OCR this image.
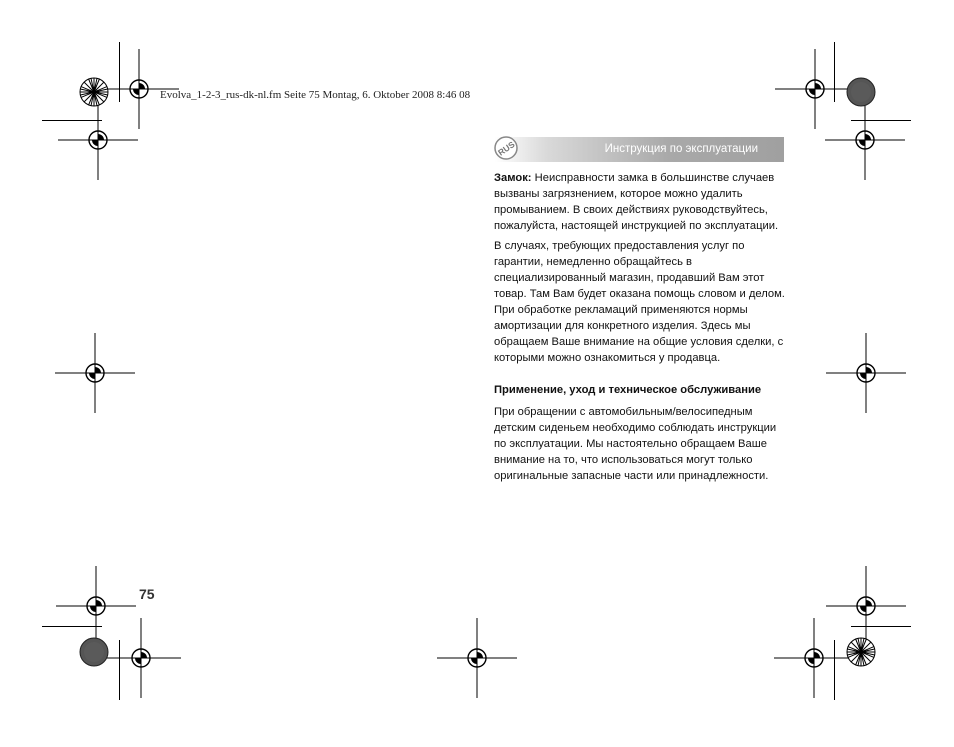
Evolva_1-2-3_rus-dk-nl.fm Seite 75 Montag, 6. Oktober 2008 8:46 08
RUS	Инструкция по эксплуатации

Замок: Неисправности замка в большинстве случаев вызваны загрязнением, которое можно удалить промыванием. В своих действиях руководствуйтесь, пожалуйста, настоящей инструкцией по эксплуатации.

В случаях, требующих предоставления услуг по гарантии, немедленно обращайтесь в специализированный магазин, продавший Вам этот товар. Там Вам будет оказана помощь словом и делом. При обработке рекламаций применяются нормы амортизации для конкретного изделия. Здесь мы обращаем Ваше внимание на общие условия сделки, с которыми можно ознакомиться у продавца.

Применение, уход и техническое обслуживание

При обращении с автомобильным/велосипедным детским сиденьем необходимо соблюдать инструкции по эксплуатации. Мы настоятельно обращаем Ваше внимание на то, что использоваться могут только оригинальные запасные части или принадлежности.

75
